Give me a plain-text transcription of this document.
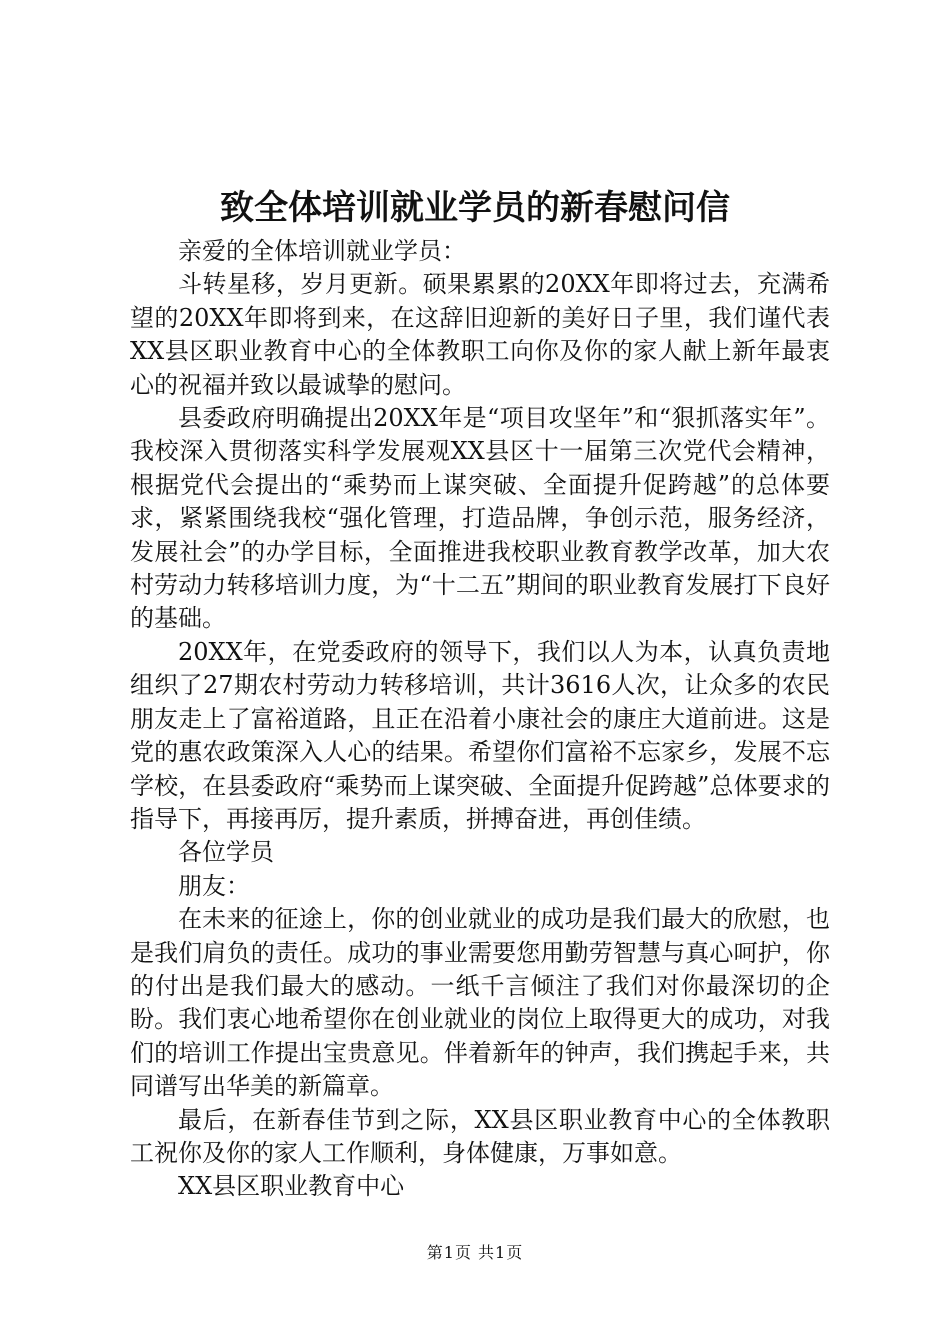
致全体培训就业学员的新春慰问信

亲爱的全体培训就业学员：

斗转星移，岁月更新。硕果累累的20XX年即将过去，充满希望的20XX年即将到来，在这辞旧迎新的美好日子里，我们谨代表XX县区职业教育中心的全体教职工向你及你的家人献上新年最衷心的祝福并致以最诚挚的慰问。

县委政府明确提出20XX年是“项目攻坚年”和“狠抓落实年”。我校深入贯彻落实科学发展观XX县区十一届第三次党代会精神，根据党代会提出的“乘势而上谋突破、全面提升促跨越”的总体要求，紧紧围绕我校“强化管理，打造品牌，争创示范，服务经济，发展社会”的办学目标，全面推进我校职业教育教学改革，加大农村劳动力转移培训力度，为“十二五”期间的职业教育发展打下良好的基础。

20XX年，在党委政府的领导下，我们以人为本，认真负责地组织了27期农村劳动力转移培训，共计3616人次，让众多的农民朋友走上了富裕道路，且正在沿着小康社会的康庄大道前进。这是党的惠农政策深入人心的结果。希望你们富裕不忘家乡，发展不忘学校，在县委政府“乘势而上谋突破、全面提升促跨越”总体要求的指导下，再接再厉，提升素质，拼搏奋进，再创佳绩。

各位学员

朋友：

在未来的征途上，你的创业就业的成功是我们最大的欣慰，也是我们肩负的责任。成功的事业需要您用勤劳智慧与真心呵护，你的付出是我们最大的感动。一纸千言倾注了我们对你最深切的企盼。我们衷心地希望你在创业就业的岗位上取得更大的成功，对我们的培训工作提出宝贵意见。伴着新年的钟声，我们携起手来，共同谱写出华美的新篇章。

最后，在新春佳节到之际，XX县区职业教育中心的全体教职工祝你及你的家人工作顺利，身体健康，万事如意。

XX县区职业教育中心

第1页 共1页
